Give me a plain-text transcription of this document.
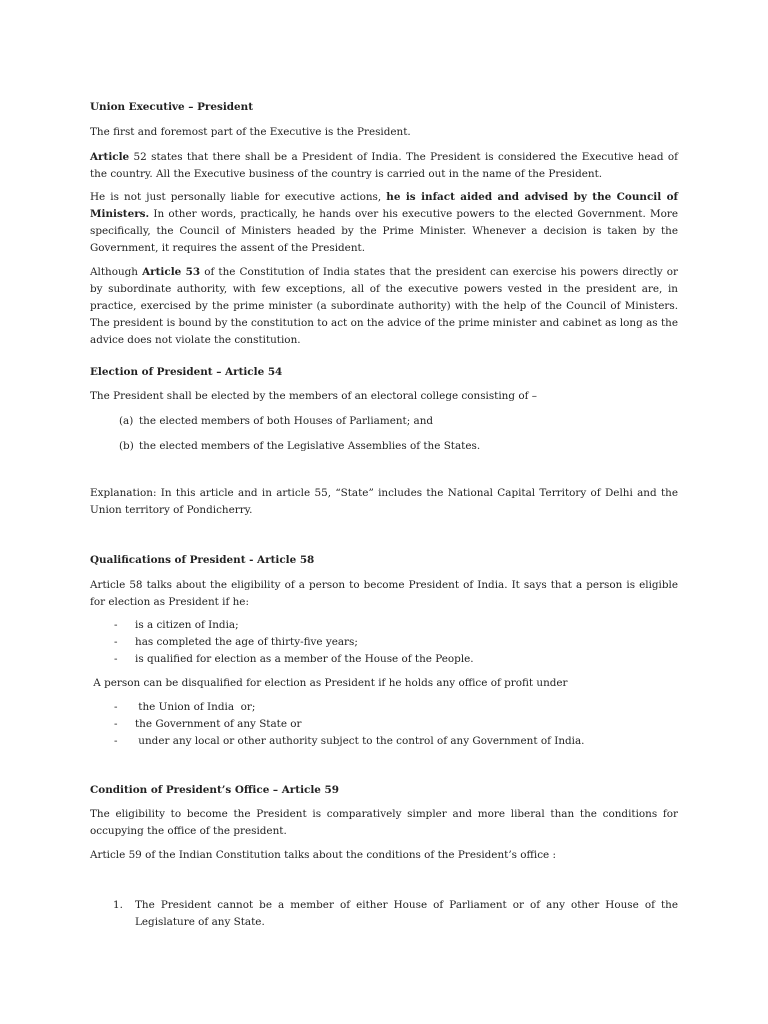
Union Executive – President
The first and foremost part of the Executive is the President.
Article 52 states that there shall be a President of India. The President is considered the Executive head of the country. All the Executive business of the country is carried out in the name of the President.
He is not just personally liable for executive actions, he is infact aided and advised by the Council of Ministers. In other words, practically, he hands over his executive powers to the elected Government. More specifically, the Council of Ministers headed by the Prime Minister. Whenever a decision is taken by the Government, it requires the assent of the President.
Although Article 53 of the Constitution of India states that the president can exercise his powers directly or by subordinate authority, with few exceptions, all of the executive powers vested in the president are, in practice, exercised by the prime minister (a subordinate authority) with the help of the Council of Ministers. The president is bound by the constitution to act on the advice of the prime minister and cabinet as long as the advice does not violate the constitution.
Election of President – Article 54
The President shall be elected by the members of an electoral college consisting of –
(a) the elected members of both Houses of Parliament; and
(b) the elected members of the Legislative Assemblies of the States.
Explanation: In this article and in article 55, “State” includes the National Capital Territory of Delhi and the Union territory of Pondicherry.
Qualifications of President - Article 58
Article 58 talks about the eligibility of a person to become President of India. It says that a person is eligible for election as President if he:
- is a citizen of India;
- has completed the age of thirty-five years;
- is qualified for election as a member of the House of the People.
A person can be disqualified for election as President if he holds any office of profit under
- the Union of India  or;
- the Government of any State or
- under any local or other authority subject to the control of any Government of India.
Condition of President’s Office – Article 59
The eligibility to become the President is comparatively simpler and more liberal than the conditions for occupying the office of the president.
Article 59 of the Indian Constitution talks about the conditions of the President’s office :
1. The President cannot be a member of either House of Parliament or of any other House of the Legislature of any State.
